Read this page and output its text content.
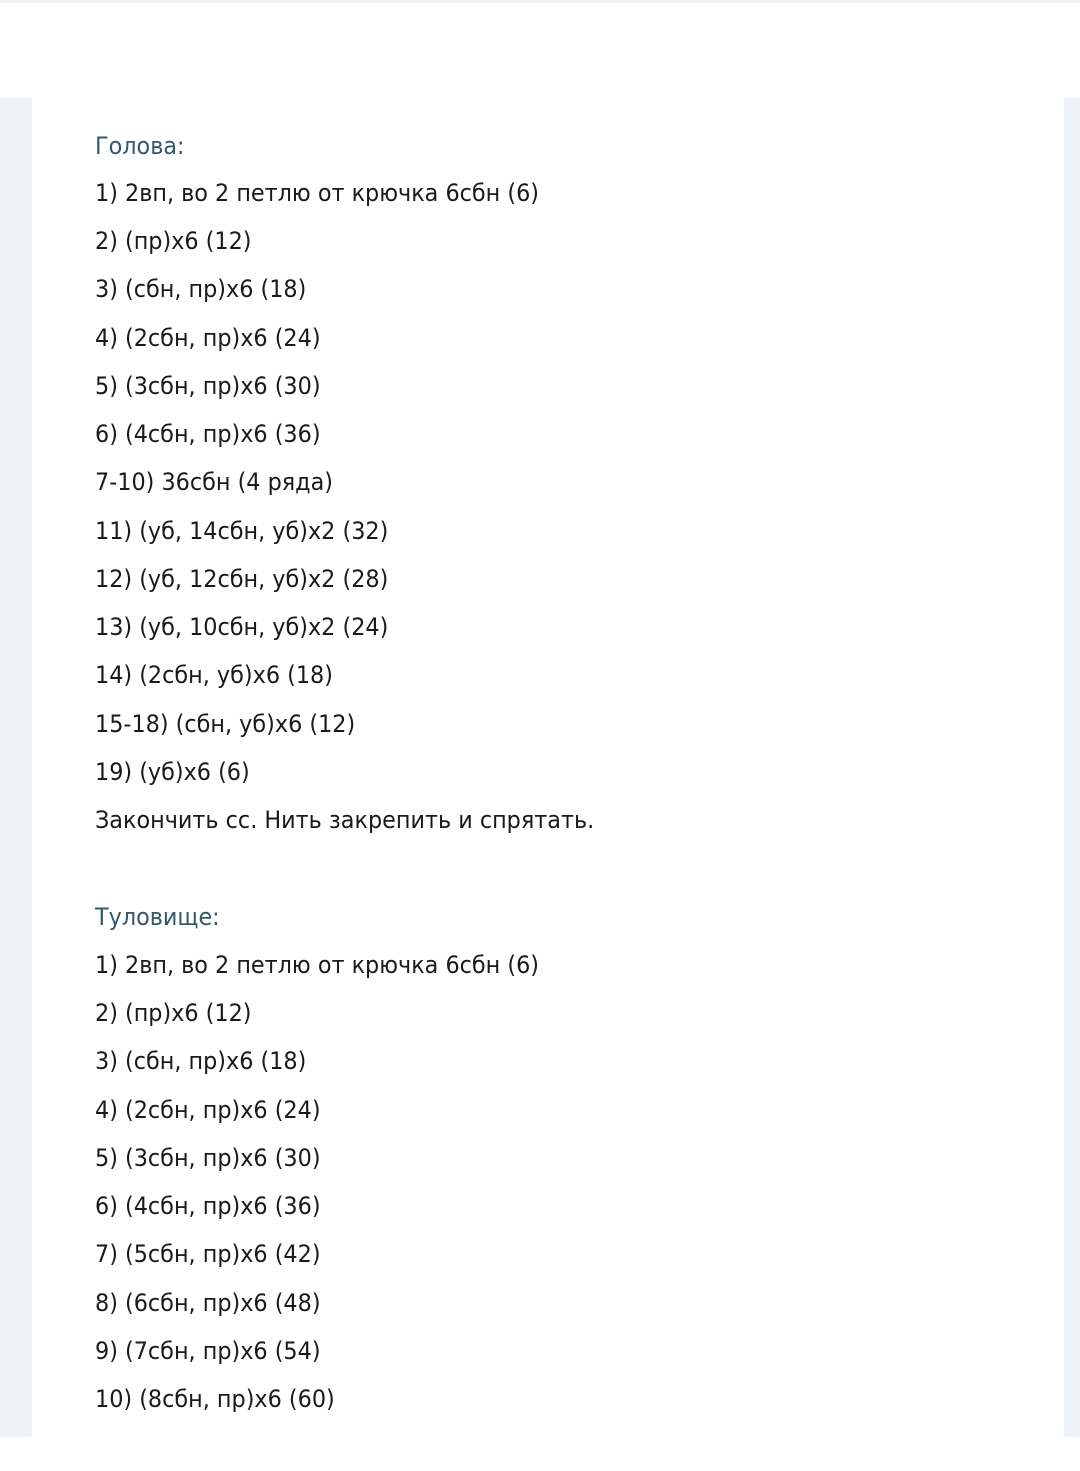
Голова:
1) 2вп, во 2 петлю от крючка 6сбн (6)
2) (пр)х6 (12)
3) (сбн, пр)х6 (18)
4) (2сбн, пр)х6 (24)
5) (3сбн, пр)х6 (30)
6) (4сбн, пр)х6 (36)
7-10) 36сбн (4 ряда)
11) (уб, 14сбн, уб)х2 (32)
12) (уб, 12сбн, уб)х2 (28)
13) (уб, 10сбн, уб)х2 (24)
14) (2сбн, уб)х6 (18)
15-18) (сбн, уб)х6 (12)
19) (уб)х6 (6)
Закончить сс. Нить закрепить и спрятать.
Туловище:
1) 2вп, во 2 петлю от крючка 6сбн (6)
2) (пр)х6 (12)
3) (сбн, пр)х6 (18)
4) (2сбн, пр)х6 (24)
5) (3сбн, пр)х6 (30)
6) (4сбн, пр)х6 (36)
7) (5сбн, пр)х6 (42)
8) (6сбн, пр)х6 (48)
9) (7сбн, пр)х6 (54)
10) (8сбн, пр)х6 (60)
